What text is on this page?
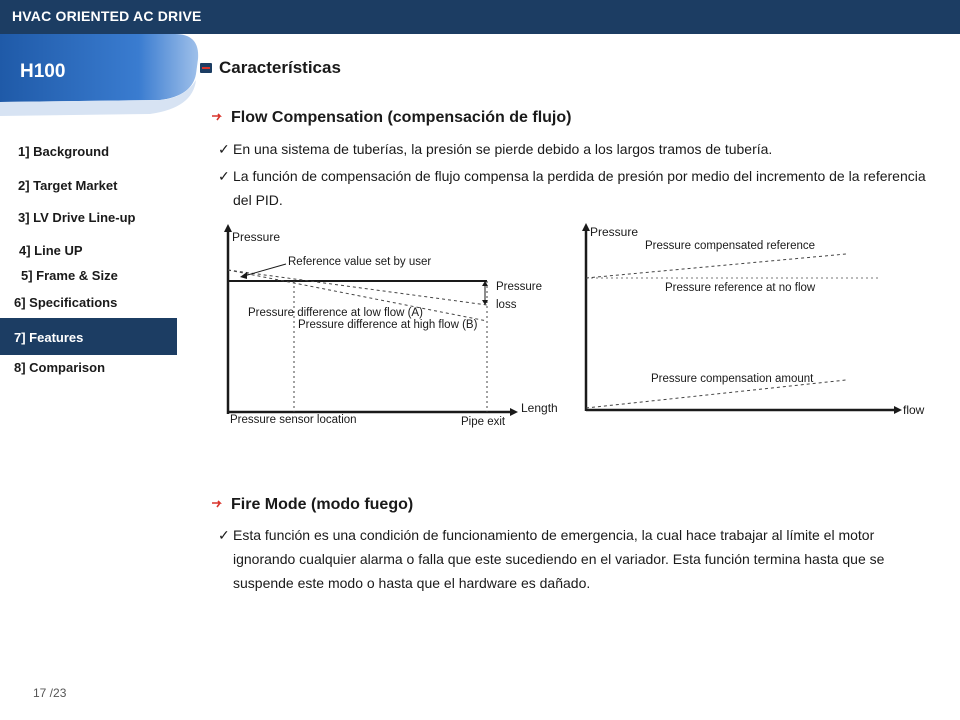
HVAC ORIENTED AC DRIVE
H100
1] Background
2] Target Market
3] LV Drive Line-up
4] Line UP
5] Frame & Size
6] Specifications
7] Features
8] Comparison
17 /23
Características
Flow Compensation (compensación de flujo)
✓ En una sistema de tuberías, la presión se pierde debido a los largos tramos de tubería.
✓ La función de compensación de flujo compensa la perdida de presión por medio del incremento de la referencia del PID.
Pressure
Length
Reference value set by user
Pressure
loss
Pressure difference at low flow (A)
Pressure difference at high flow (B)
Pressure sensor location	Pipe exit
Pressure
flow
Pressure compensated reference
Pressure reference at no flow
Pressure compensation amount
Fire Mode (modo fuego)
✓ Esta función es una condición de funcionamiento de emergencia, la cual hace trabajar al límite el motor ignorando cualquier alarma o falla que este sucediendo en el variador. Esta función termina hasta que se suspende este modo o hasta que el hardware es dañado.
